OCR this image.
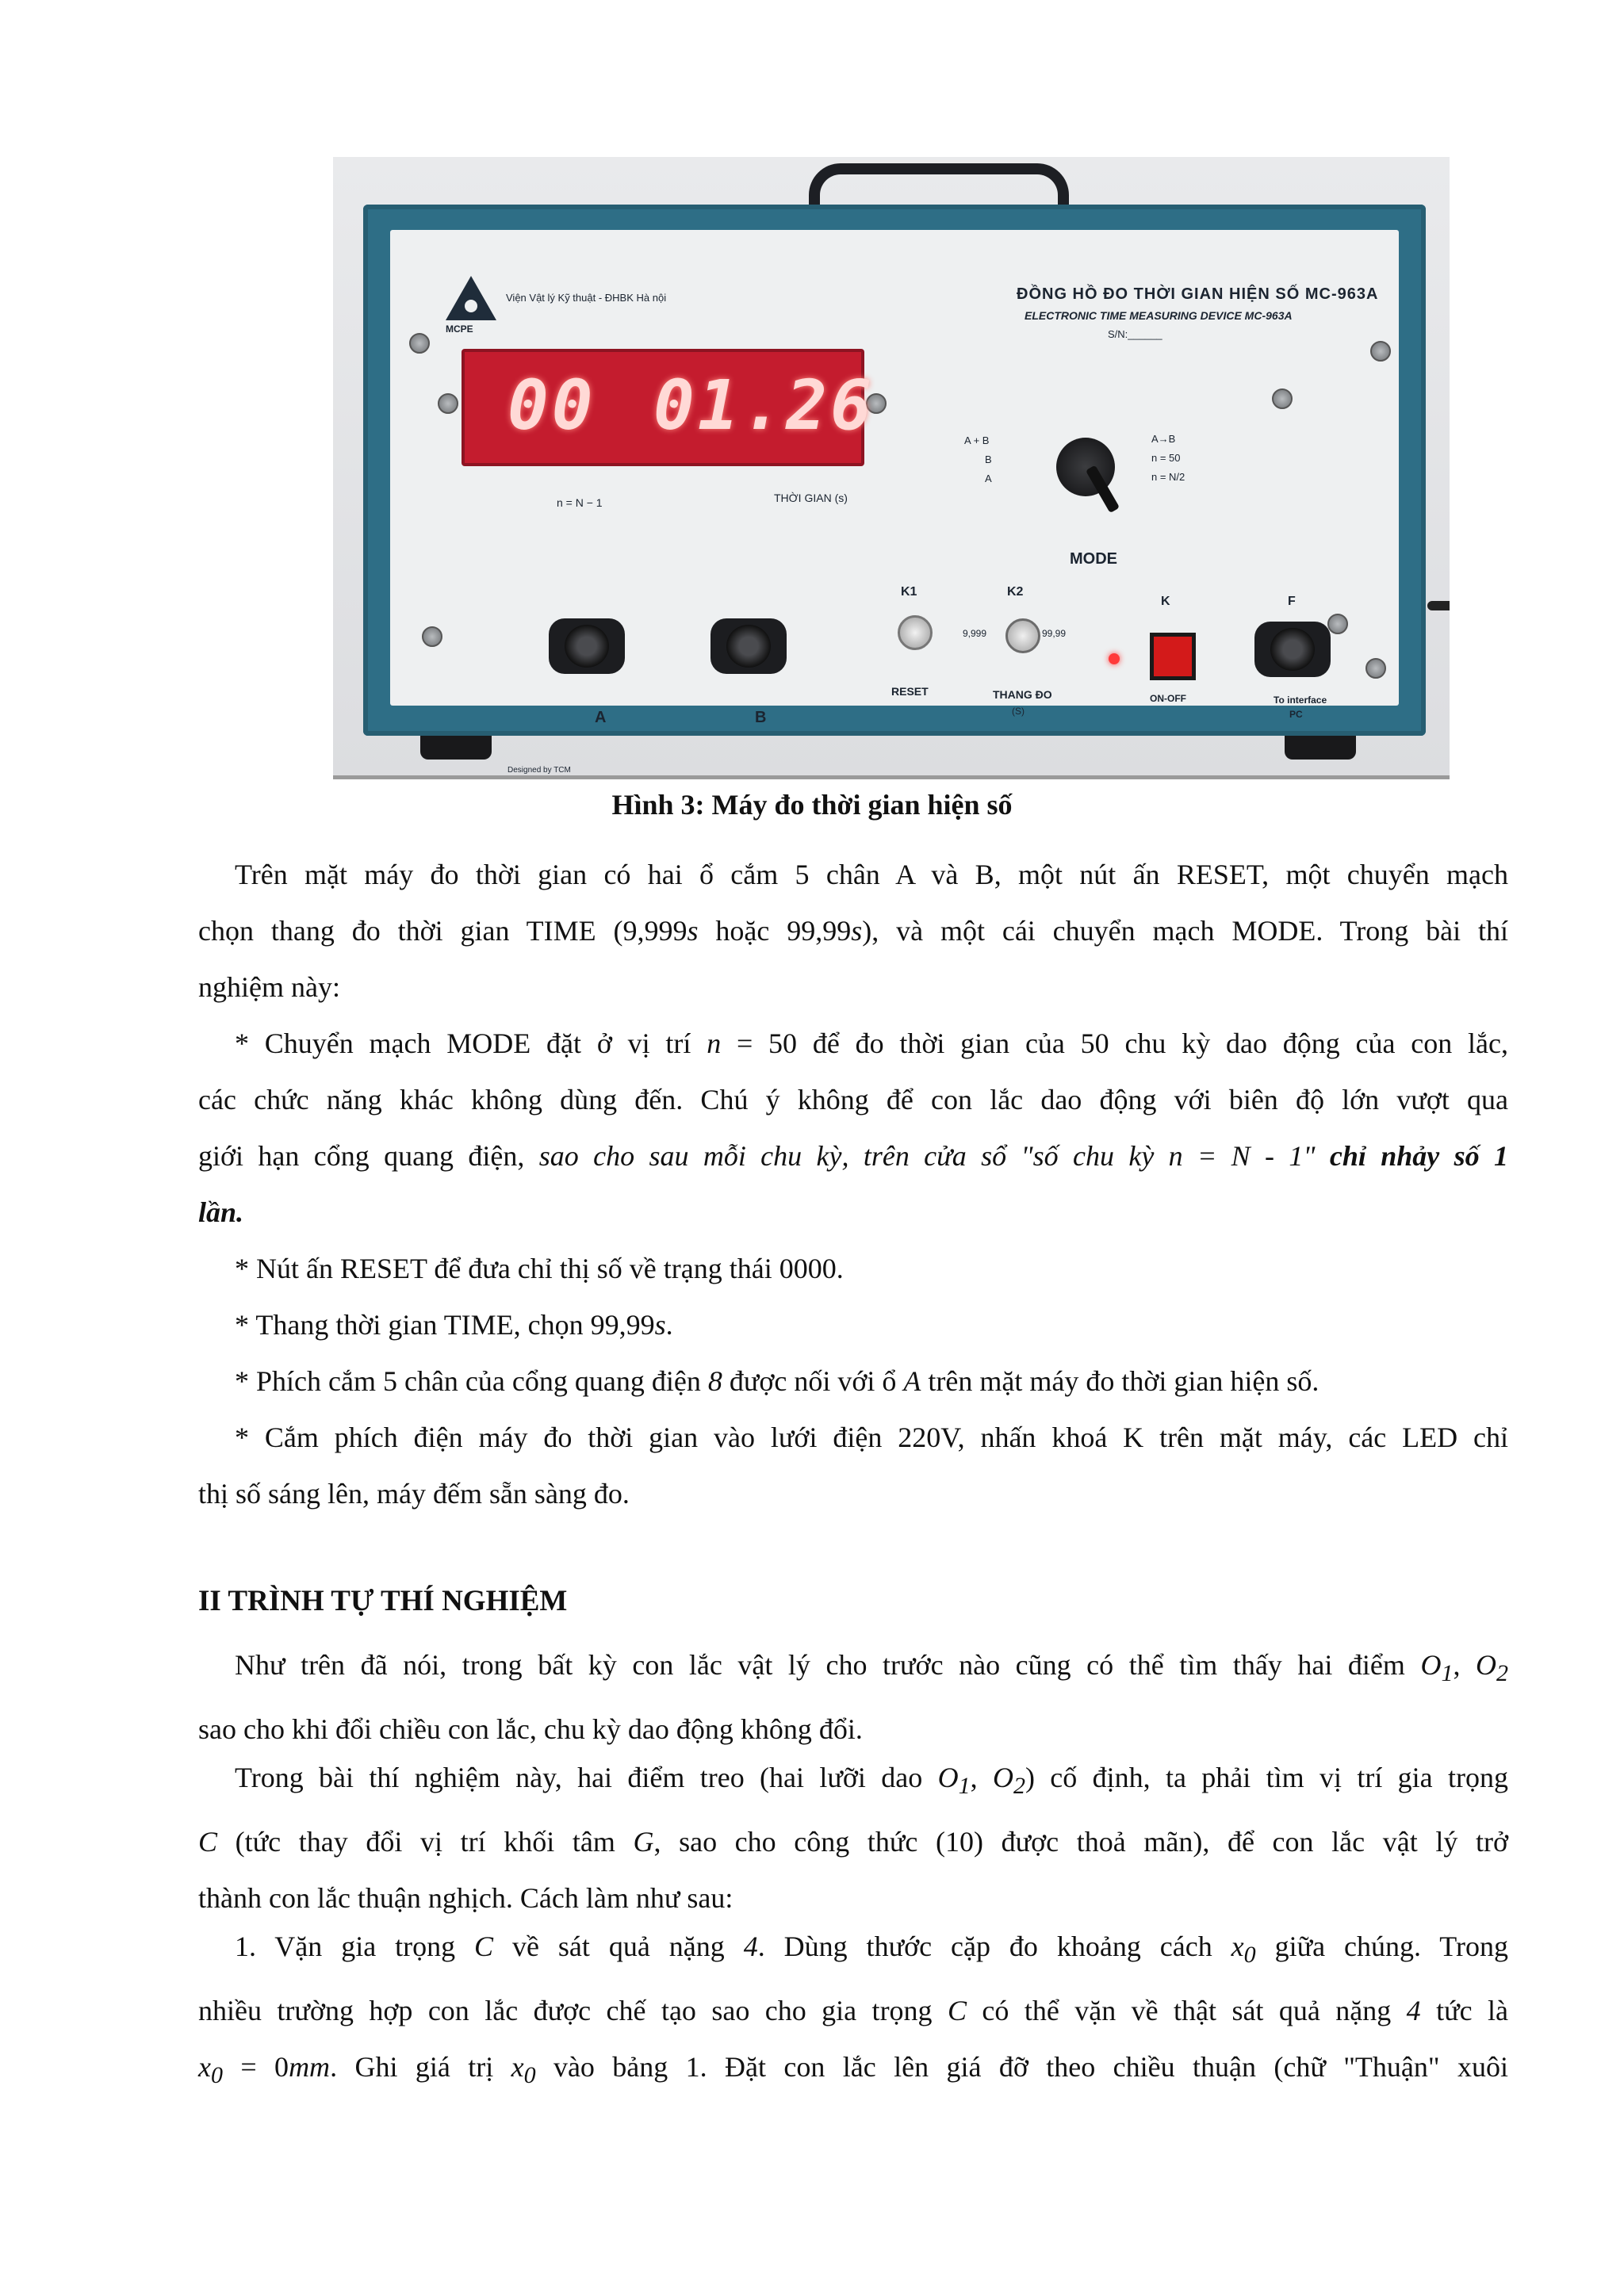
Viện Vật lý Kỹ thuật - ĐHBK Hà nội
MCPE
ĐỒNG HỒ ĐO THỜI GIAN HIỆN SỐ MC-963A
ELECTRONIC TIME MEASURING DEVICE MC-963A
S/N:______
00 01.26
n = N − 1	THỜI GIAN (s)
A + B
B
A
A→B
n = 50
n = N/2
MODE
A	B
K1
RESET
K2
9,999	99,99
THANG ĐO
(S)
K
ON-OFF
F
To interface
PC
Designed by TCM
Hình 3: Máy đo thời gian hiện số
Trên mặt máy đo thời gian có hai ổ cắm 5 chân A và B, một nút ấn RESET, một chuyển mạch
chọn thang đo thời gian TIME (9,999s hoặc 99,99s), và một cái chuyển mạch MODE. Trong bài thí
nghiệm này:
* Chuyển mạch MODE đặt ở vị trí n = 50 để đo thời gian của 50 chu kỳ dao động của con lắc,
các chức năng khác không dùng đến. Chú ý không để con lắc dao động với biên độ lớn vượt qua
giới hạn cổng quang điện, sao cho sau mỗi chu kỳ, trên cửa sổ "số chu kỳ n = N - 1" chỉ nhảy số 1
lần.
* Nút ấn RESET để đưa chỉ thị số về trạng thái 0000.
* Thang thời gian TIME, chọn 99,99s.
* Phích cắm 5 chân của cổng quang điện 8 được nối với ổ A trên mặt máy đo thời gian hiện số.
* Cắm phích điện máy đo thời gian vào lưới điện 220V, nhấn khoá K trên mặt máy, các LED chỉ
thị số sáng lên, máy đếm sẵn sàng đo.
II TRÌNH TỰ THÍ NGHIỆM
Như trên đã nói, trong bất kỳ con lắc vật lý cho trước nào cũng có thể tìm thấy hai điểm $O_1$, $O_2$
sao cho khi đổi chiều con lắc, chu kỳ dao động không đổi.
Trong bài thí nghiệm này, hai điểm treo (hai lưỡi dao $O_1$, $O_2$) cố định, ta phải tìm vị trí gia trọng
C (tức thay đổi vị trí khối tâm G, sao cho công thức (10) được thoả mãn), để con lắc vật lý trở
thành con lắc thuận nghịch. Cách làm như sau:
1. Vặn gia trọng C về sát quả nặng 4. Dùng thước cặp đo khoảng cách $x_0$ giữa chúng. Trong
nhiều trường hợp con lắc được chế tạo sao cho gia trọng C có thể vặn về thật sát quả nặng 4 tức là
$x_0 = 0mm$. Ghi giá trị $x_0$ vào bảng 1. Đặt con lắc lên giá đỡ theo chiều thuận (chữ "Thuận" xuôi
